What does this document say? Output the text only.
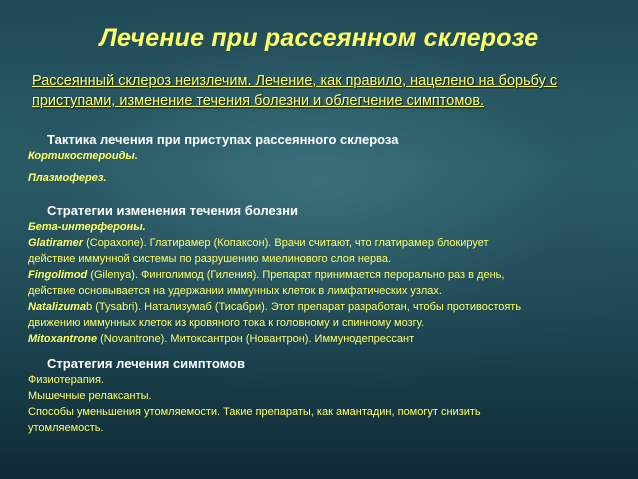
Лечение при рассеянном склерозе
Рассеянный склероз неизлечим. Лечение, как правило, нацелено на борьбу с приступами, изменение течения болезни и облегчение симптомов.
Тактика лечения при приступах рассеянного склероза
Кортикостероиды.
Плазмоферез.
Стратегии изменения течения болезни
Бета-интерфероны.
Glatiramer (Copaxone). Глатирамер (Копаксон). Врачи считают, что глатирамер блокирует
действие иммунной системы по разрушению миелинового слоя нерва.
Fingolimod (Gilenya). Финголимод (Гиления). Препарат принимается перорально раз в день,
действие основывается на удержании иммунных клеток в лимфатических узлах.
Natalizumab (Tysabri). Натализумаб (Тисабри). Этот препарат разработан, чтобы противостоять
движению иммунных клеток из кровяного тока к головному и спинному мозгу.
Mitoxantrone (Novantrone). Митоксантрон (Новантрон). Иммунодепрессант
Стратегия лечения симптомов
Физиотерапия.
Мышечные релаксанты.
Способы уменьшения утомляемости. Такие препараты, как амантадин, помогут снизить
утомляемость.
